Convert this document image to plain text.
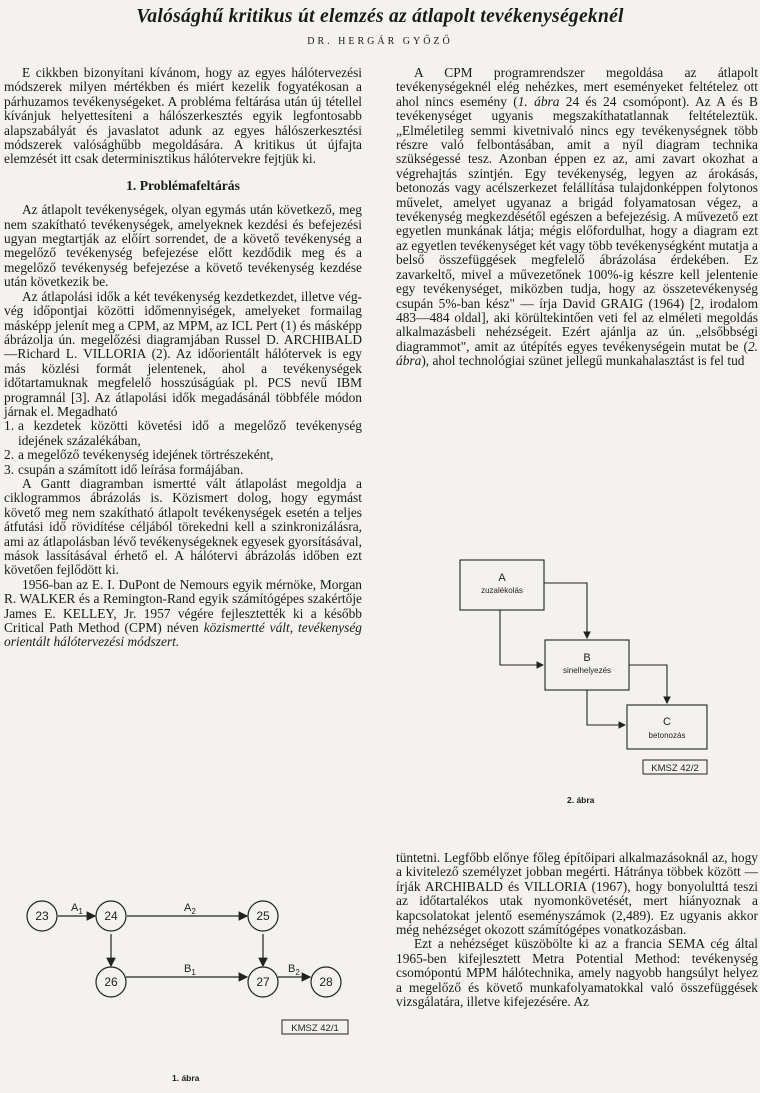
Valósághű kritikus út elemzés az átlapolt tevékenységeknél
DR. HERGÁR GYŐZŐ

E cikkben bizonyítani kívánom, hogy az egyes hálótervezési módszerek milyen mértékben és miért kezelik fogyatékosan a párhuzamos tevékenységeket. A probléma feltárása után új tétellel kívánjuk helyettesíteni a hálószerkesztés egyik legfontosabb alapszabályát és javaslatot adunk az egyes hálószerkesztési módszerek valósághűbb megoldására. A kritikus út újfajta elemzését itt csak determinisztikus hálótervekre fejtjük ki.

1. Problémafeltárás

Az átlapolt tevékenységek, olyan egymás után következő, meg nem szakítható tevékenységek, amelyeknek kezdési és befejezési ugyan megtartják az előírt sorrendet, de a követő tevékenység a megelőző tevékenység befejezése előtt kezdődik meg és a megelőző tevékenység befejezése a követő tevékenység kezdése után következik be.

Az átlapolási idők a két tevékenység kezdetkezdet, illetve vég-vég időpontjai közötti időmennyiségek, amelyeket formailag másképp jelenít meg a CPM, az MPM, az ICL Pert (1) és másképp ábrázolja ún. megelőzési diagramjában Russel D. ARCHIBALD—Richard L. VILLORIA (2). Az időorientált hálótervek is egy más közlési formát jelentenek, ahol a tevékenységek időtartamuknak megfelelő hosszúságúak pl. PCS nevű IBM programnál [3]. Az átlapolási idők megadásánál többféle módon járnak el. Megadható

1. a kezdetek közötti követési idő a megelőző tevékenység idejének százalékában,

2. a megelőző tevékenység idejének törtrészeként,

3. csupán a számított idő leírása formájában.

A Gantt diagramban ismertté vált átlapolást megoldja a ciklogrammos ábrázolás is. Közismert dolog, hogy egymást követő meg nem szakítható átlapolt tevékenységek esetén a teljes átfutási idő rövidítése céljából törekedni kell a szinkronizálásra, ami az átlapolásban lévő tevékenységeknek egyesek gyorsításával, mások lassításával érhető el. A hálótervi ábrázolás időben ezt követően fejlődött ki.

1956-ban az E. I. DuPont de Nemours egyik mérnöke, Morgan R. WALKER és a Remington-Rand egyik számítógépes szakértője James E. KELLEY, Jr. 1957 végére fejlesztették ki a később Critical Path Method (CPM) néven közismertté vált, tevékenység orientált hálótervezési módszert.

23	24	25
26	27	28
$A_1$	$A_2$
$B_1$	$B_2$
KMSZ 42/1
1. ábra

A CPM programrendszer megoldása az átlapolt tevékenységeknél elég nehézkes, mert eseményeket feltételez ott ahol nincs esemény (1. ábra 24 és 24 csomópont). Az A és B tevékenységet ugyanis megszakíthatatlannak feltételeztük. „Elméletileg semmi kivetnivaló nincs egy tevékenységnek több részre való felbontásában, amit a nyíl diagram technika szükségessé tesz. Azonban éppen ez az, ami zavart okozhat a végrehajtás szintjén. Egy tevékenység, legyen az árokásás, betonozás vagy acélszerkezet felállítása tulajdonképpen folytonos művelet, amelyet ugyanaz a brigád folyamatosan végez, a tevékenység megkezdésétől egészen a befejezésig. A művezető ezt egyetlen munkának látja; mégis előfordulhat, hogy a diagram ezt az egyetlen tevékenységet két vagy több tevékenységként mutatja a belső összefüggések megfelelő ábrázolása érdekében. Ez zavarkeltő, mivel a művezetőnek 100%-ig készre kell jelentenie egy tevékenységet, miközben tudja, hogy az összetevékenység csupán 5%-ban kész" — írja David GRAIG (1964) [2, irodalom 483—484 oldal], aki körültekintően veti fel az elméleti megoldás alkalmazásbeli nehézségeit. Ezért ajánlja az ún. „elsőbbségi diagrammot", amit az útépítés egyes tevékenységein mutat be (2. ábra), ahol technológiai szünet jellegű munkahalasztást is fel tud

A
zuzalékolás
B
sinelhelyezés
C
betonozás
KMSZ 42/2
2. ábra

tüntetni. Legfőbb előnye főleg építőipari alkalmazásoknál az, hogy a kivitelező személyzet jobban megérti. Hátránya többek között — írják ARCHIBALD és VILLORIA (1967), hogy bonyolulttá teszi az időtartalékos utak nyomonkövetését, mert hiányoznak a kapcsolatokat jelentő eseményszámok (2,489). Ez ugyanis akkor még nehézséget okozott számítógépes vonatkozásban.

Ezt a nehézséget küszöbölte ki az a francia SEMA cég által 1965-ben kifejlesztett Metra Potential Method: tevékenység csomópontú MPM hálótechnika, amely nagyobb hangsúlyt helyez a megelőző és követő munkafolyamatokkal való összefüggések vizsgálatára, illetve kifejezésére. Az
